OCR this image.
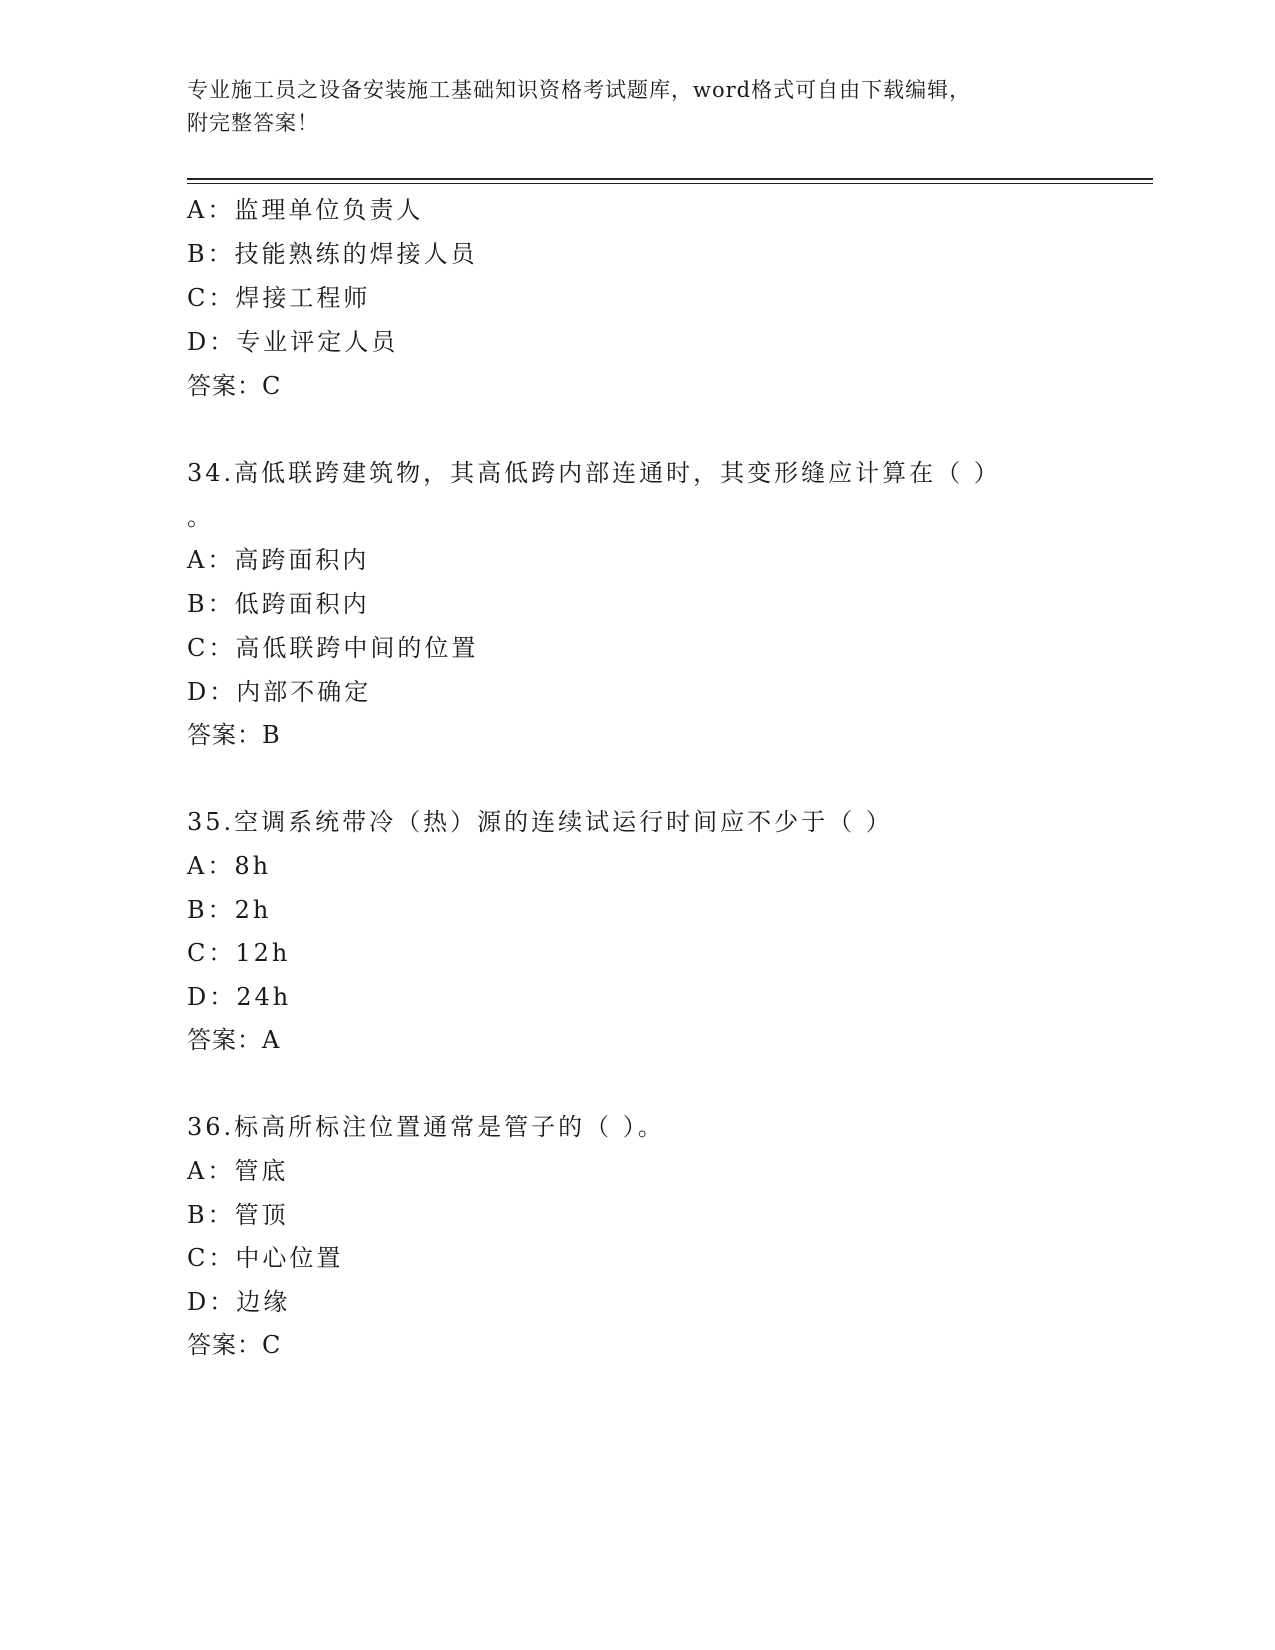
专业施工员之设备安装施工基础知识资格考试题库，word格式可自由下载编辑，
附完整答案！
A：监理单位负责人
B：技能熟练的焊接人员
C：焊接工程师
D：专业评定人员
答案：C
34.高低联跨建筑物，其高低跨内部连通时，其变形缝应计算在（ ）
。
A：高跨面积内
B：低跨面积内
C：高低联跨中间的位置
D：内部不确定
答案：B
35.空调系统带冷（热）源的连续试运行时间应不少于（ ）
A：8h
B：2h
C：12h
D：24h
答案：A
36.标高所标注位置通常是管子的（ ）。
A：管底
B：管顶
C：中心位置
D：边缘
答案：C
